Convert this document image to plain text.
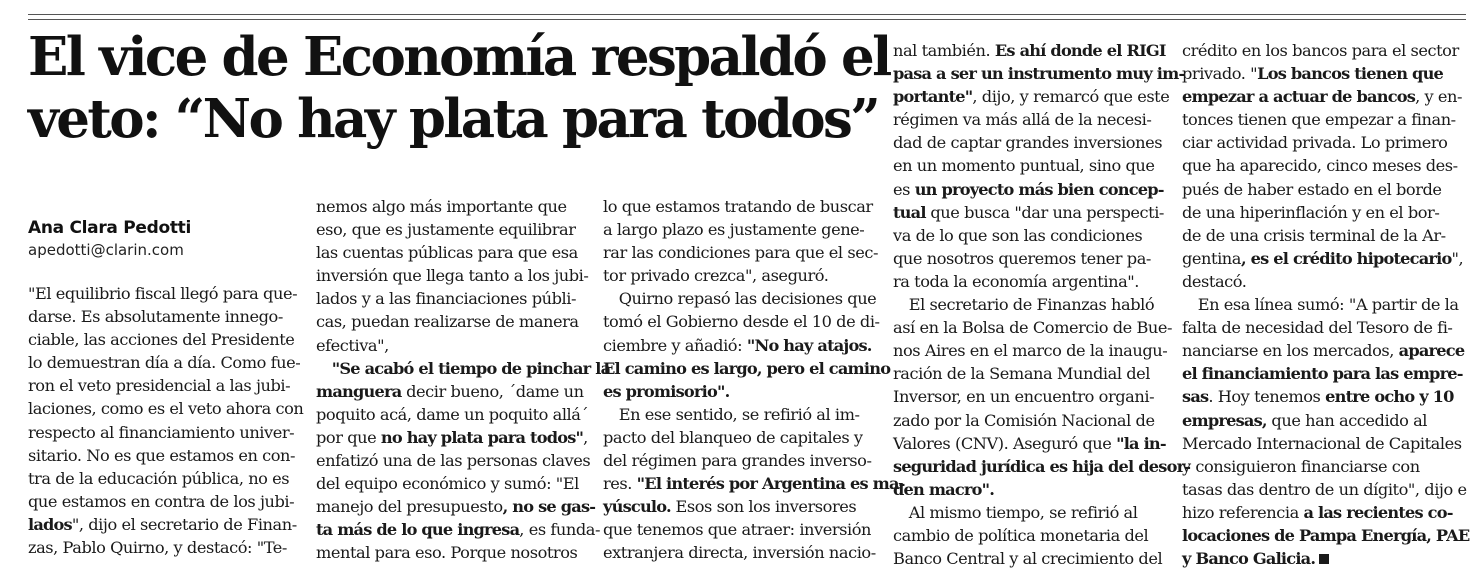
El vice de Economía respaldó el
veto: “No hay plata para todos”
Ana Clara Pedotti
apedotti@clarin.com
"El equilibrio fiscal llegó para que-
darse. Es absolutamente innego-
ciable, las acciones del Presidente
lo demuestran día a día. Como fue-
ron el veto presidencial a las jubi-
laciones, como es el veto ahora con
respecto al financiamiento univer-
sitario. No es que estamos en con-
tra de la educación pública, no es
que estamos en contra de los jubi-
lados", dijo el secretario de Finan-
zas, Pablo Quirno, y destacó: "Te-
nemos algo más importante que
eso, que es justamente equilibrar
las cuentas públicas para que esa
inversión que llega tanto a los jubi-
lados y a las financiaciones públi-
cas, puedan realizarse de manera
efectiva",
 "Se acabó el tiempo de pinchar la
manguera decir bueno, ´dame un
poquito acá, dame un poquito allá´
por que no hay plata para todos",
enfatizó una de las personas claves
del equipo económico y sumó: "El
manejo del presupuesto, no se gas-
ta más de lo que ingresa, es funda-
mental para eso. Porque nosotros
lo que estamos tratando de buscar
a largo plazo es justamente gene-
rar las condiciones para que el sec-
tor privado crezca", aseguró.
 Quirno repasó las decisiones que
tomó el Gobierno desde el 10 de di-
ciembre y añadió: "No hay atajos.
El camino es largo, pero el camino
es promisorio".
 En ese sentido, se refirió al im-
pacto del blanqueo de capitales y
del régimen para grandes inverso-
res. "El interés por Argentina es ma-
yúsculo. Esos son los inversores
que tenemos que atraer: inversión
extranjera directa, inversión nacio-
nal también. Es ahí donde el RIGI
pasa a ser un instrumento muy im-
portante", dijo, y remarcó que este
régimen va más allá de la necesi-
dad de captar grandes inversiones
en un momento puntual, sino que
es un proyecto más bien concep-
tual que busca "dar una perspecti-
va de lo que son las condiciones
que nosotros queremos tener pa-
ra toda la economía argentina".
 El secretario de Finanzas habló
así en la Bolsa de Comercio de Bue-
nos Aires en el marco de la inaugu-
ración de la Semana Mundial del
Inversor, en un encuentro organi-
zado por la Comisión Nacional de
Valores (CNV). Aseguró que "la in-
seguridad jurídica es hija del desor-
den macro".
 Al mismo tiempo, se refirió al
cambio de política monetaria del
Banco Central y al crecimiento del
crédito en los bancos para el sector
privado. "Los bancos tienen que
empezar a actuar de bancos, y en-
tonces tienen que empezar a finan-
ciar actividad privada. Lo primero
que ha aparecido, cinco meses des-
pués de haber estado en el borde
de una hiperinflación y en el bor-
de de una crisis terminal de la Ar-
gentina, es el crédito hipotecario",
destacó.
 En esa línea sumó: "A partir de la
falta de necesidad del Tesoro de fi-
nanciarse en los mercados, aparece
el financiamiento para las empre-
sas. Hoy tenemos entre ocho y 10
empresas, que han accedido al
Mercado Internacional de Capitales
y consiguieron financiarse con
tasas das dentro de un dígito", dijo e
hizo referencia a las recientes co-
locaciones de Pampa Energía, PAE
y Banco Galicia.
